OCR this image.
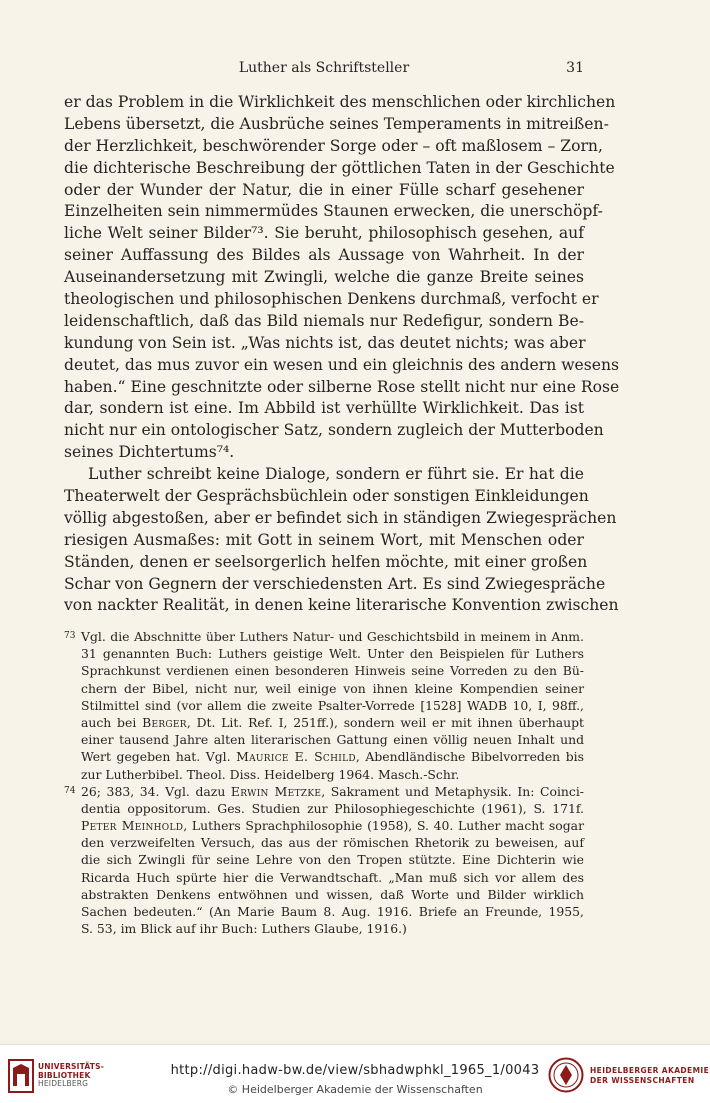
Luther als Schriftsteller	31
er das Problem in die Wirklichkeit des menschlichen oder kirchlichen
Lebens übersetzt, die Ausbrüche seines Temperaments in mitreißen-
der Herzlichkeit, beschwörender Sorge oder – oft maßlosem – Zorn,
die dichterische Beschreibung der göttlichen Taten in der Geschichte
oder der Wunder der Natur, die in einer Fülle scharf gesehener
Einzelheiten sein nimmermüdes Staunen erwecken, die unerschöpf-
liche Welt seiner Bilder⁷³. Sie beruht, philosophisch gesehen, auf
seiner Auffassung des Bildes als Aussage von Wahrheit. In der
Auseinandersetzung mit Zwingli, welche die ganze Breite seines
theologischen und philosophischen Denkens durchmaß, verfocht er
leidenschaftlich, daß das Bild niemals nur Redefigur, sondern Be-
kundung von Sein ist. „Was nichts ist, das deutet nichts; was aber
deutet, das mus zuvor ein wesen und ein gleichnis des andern wesens
haben.“ Eine geschnitzte oder silberne Rose stellt nicht nur eine Rose
dar, sondern ist eine. Im Abbild ist verhüllte Wirklichkeit. Das ist
nicht nur ein ontologischer Satz, sondern zugleich der Mutterboden
seines Dichtertums⁷⁴.
Luther schreibt keine Dialoge, sondern er führt sie. Er hat die
Theaterwelt der Gesprächsbüchlein oder sonstigen Einkleidungen
völlig abgestoßen, aber er befindet sich in ständigen Zwiegesprächen
riesigen Ausmaßes: mit Gott in seinem Wort, mit Menschen oder
Ständen, denen er seelsorgerlich helfen möchte, mit einer großen
Schar von Gegnern der verschiedensten Art. Es sind Zwiegespräche
von nackter Realität, in denen keine literarische Konvention zwischen
73 Vgl. die Abschnitte über Luthers Natur- und Geschichtsbild in meinem in Anm.
31 genannten Buch: Luthers geistige Welt. Unter den Beispielen für Luthers
Sprachkunst verdienen einen besonderen Hinweis seine Vorreden zu den Bü-
chern der Bibel, nicht nur, weil einige von ihnen kleine Kompendien seiner
Stilmittel sind (vor allem die zweite Psalter-Vorrede [1528] WADB 10, I, 98ff.,
auch bei Berger, Dt. Lit. Ref. I, 251ff.), sondern weil er mit ihnen überhaupt
einer tausend Jahre alten literarischen Gattung einen völlig neuen Inhalt und
Wert gegeben hat. Vgl. Maurice E. Schild, Abendländische Bibelvorreden bis
zur Lutherbibel. Theol. Diss. Heidelberg 1964. Masch.-Schr.
74 26; 383, 34. Vgl. dazu Erwin Metzke, Sakrament und Metaphysik. In: Coinci-
dentia oppositorum. Ges. Studien zur Philosophiegeschichte (1961), S. 171f.
Peter Meinhold, Luthers Sprachphilosophie (1958), S. 40. Luther macht sogar
den verzweifelten Versuch, das aus der römischen Rhetorik zu beweisen, auf
die sich Zwingli für seine Lehre von den Tropen stützte. Eine Dichterin wie
Ricarda Huch spürte hier die Verwandtschaft. „Man muß sich vor allem des
abstrakten Denkens entwöhnen und wissen, daß Worte und Bilder wirklich
Sachen bedeuten.“ (An Marie Baum 8. Aug. 1916. Briefe an Freunde, 1955,
S. 53, im Blick auf ihr Buch: Luthers Glaube, 1916.)
UNIVERSITÄTS-
BIBLIOTHEK
HEIDELBERG
http://digi.hadw-bw.de/view/sbhadwphkl_1965_1/0043
© Heidelberger Akademie der Wissenschaften
HEIDELBERGER AKADEMIE
DER WISSENSCHAFTEN
